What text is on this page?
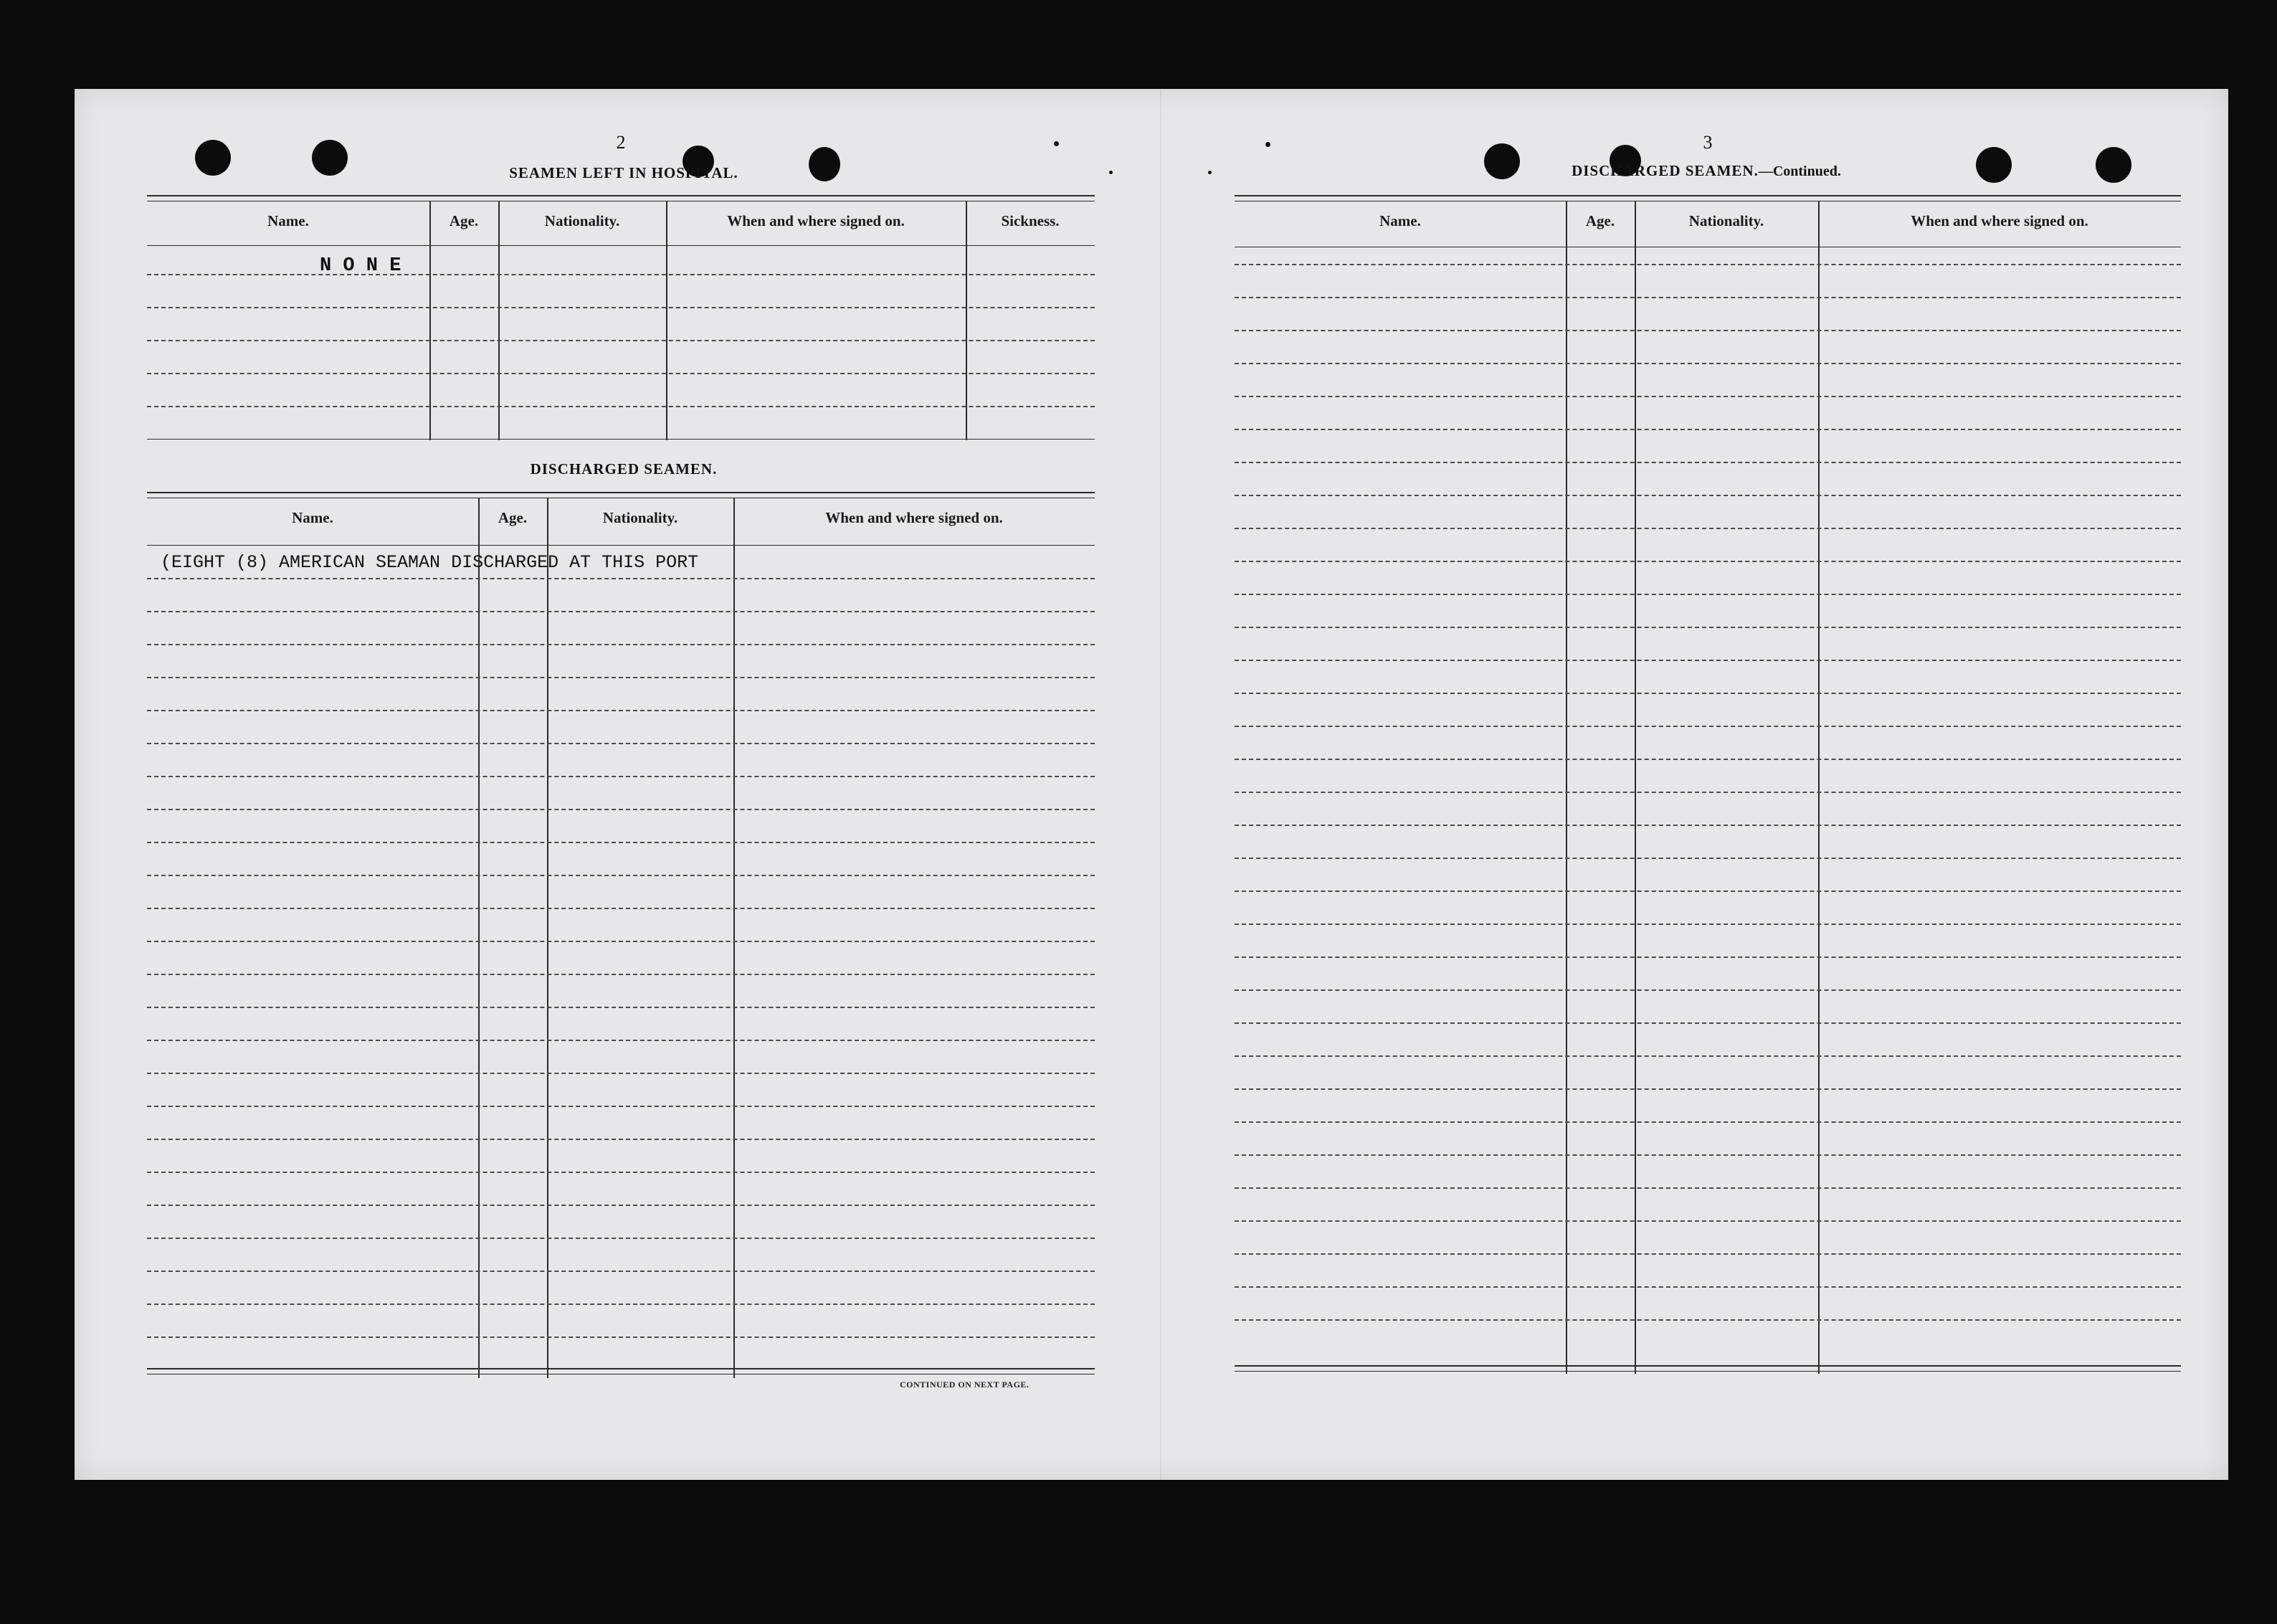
2
SEAMEN LEFT IN HOSPITAL.
Name.	Age.	Nationality.	When and where signed on.	Sickness.
N O N E
DISCHARGED SEAMEN.
Name.	Age.	Nationality.	When and where signed on.
(EIGHT (8) AMERICAN SEAMAN DISCHARGED AT THIS PORT
CONTINUED ON NEXT PAGE.
3
DISCHARGED SEAMEN.—Continued.
Name.	Age.	Nationality.	When and where signed on.
